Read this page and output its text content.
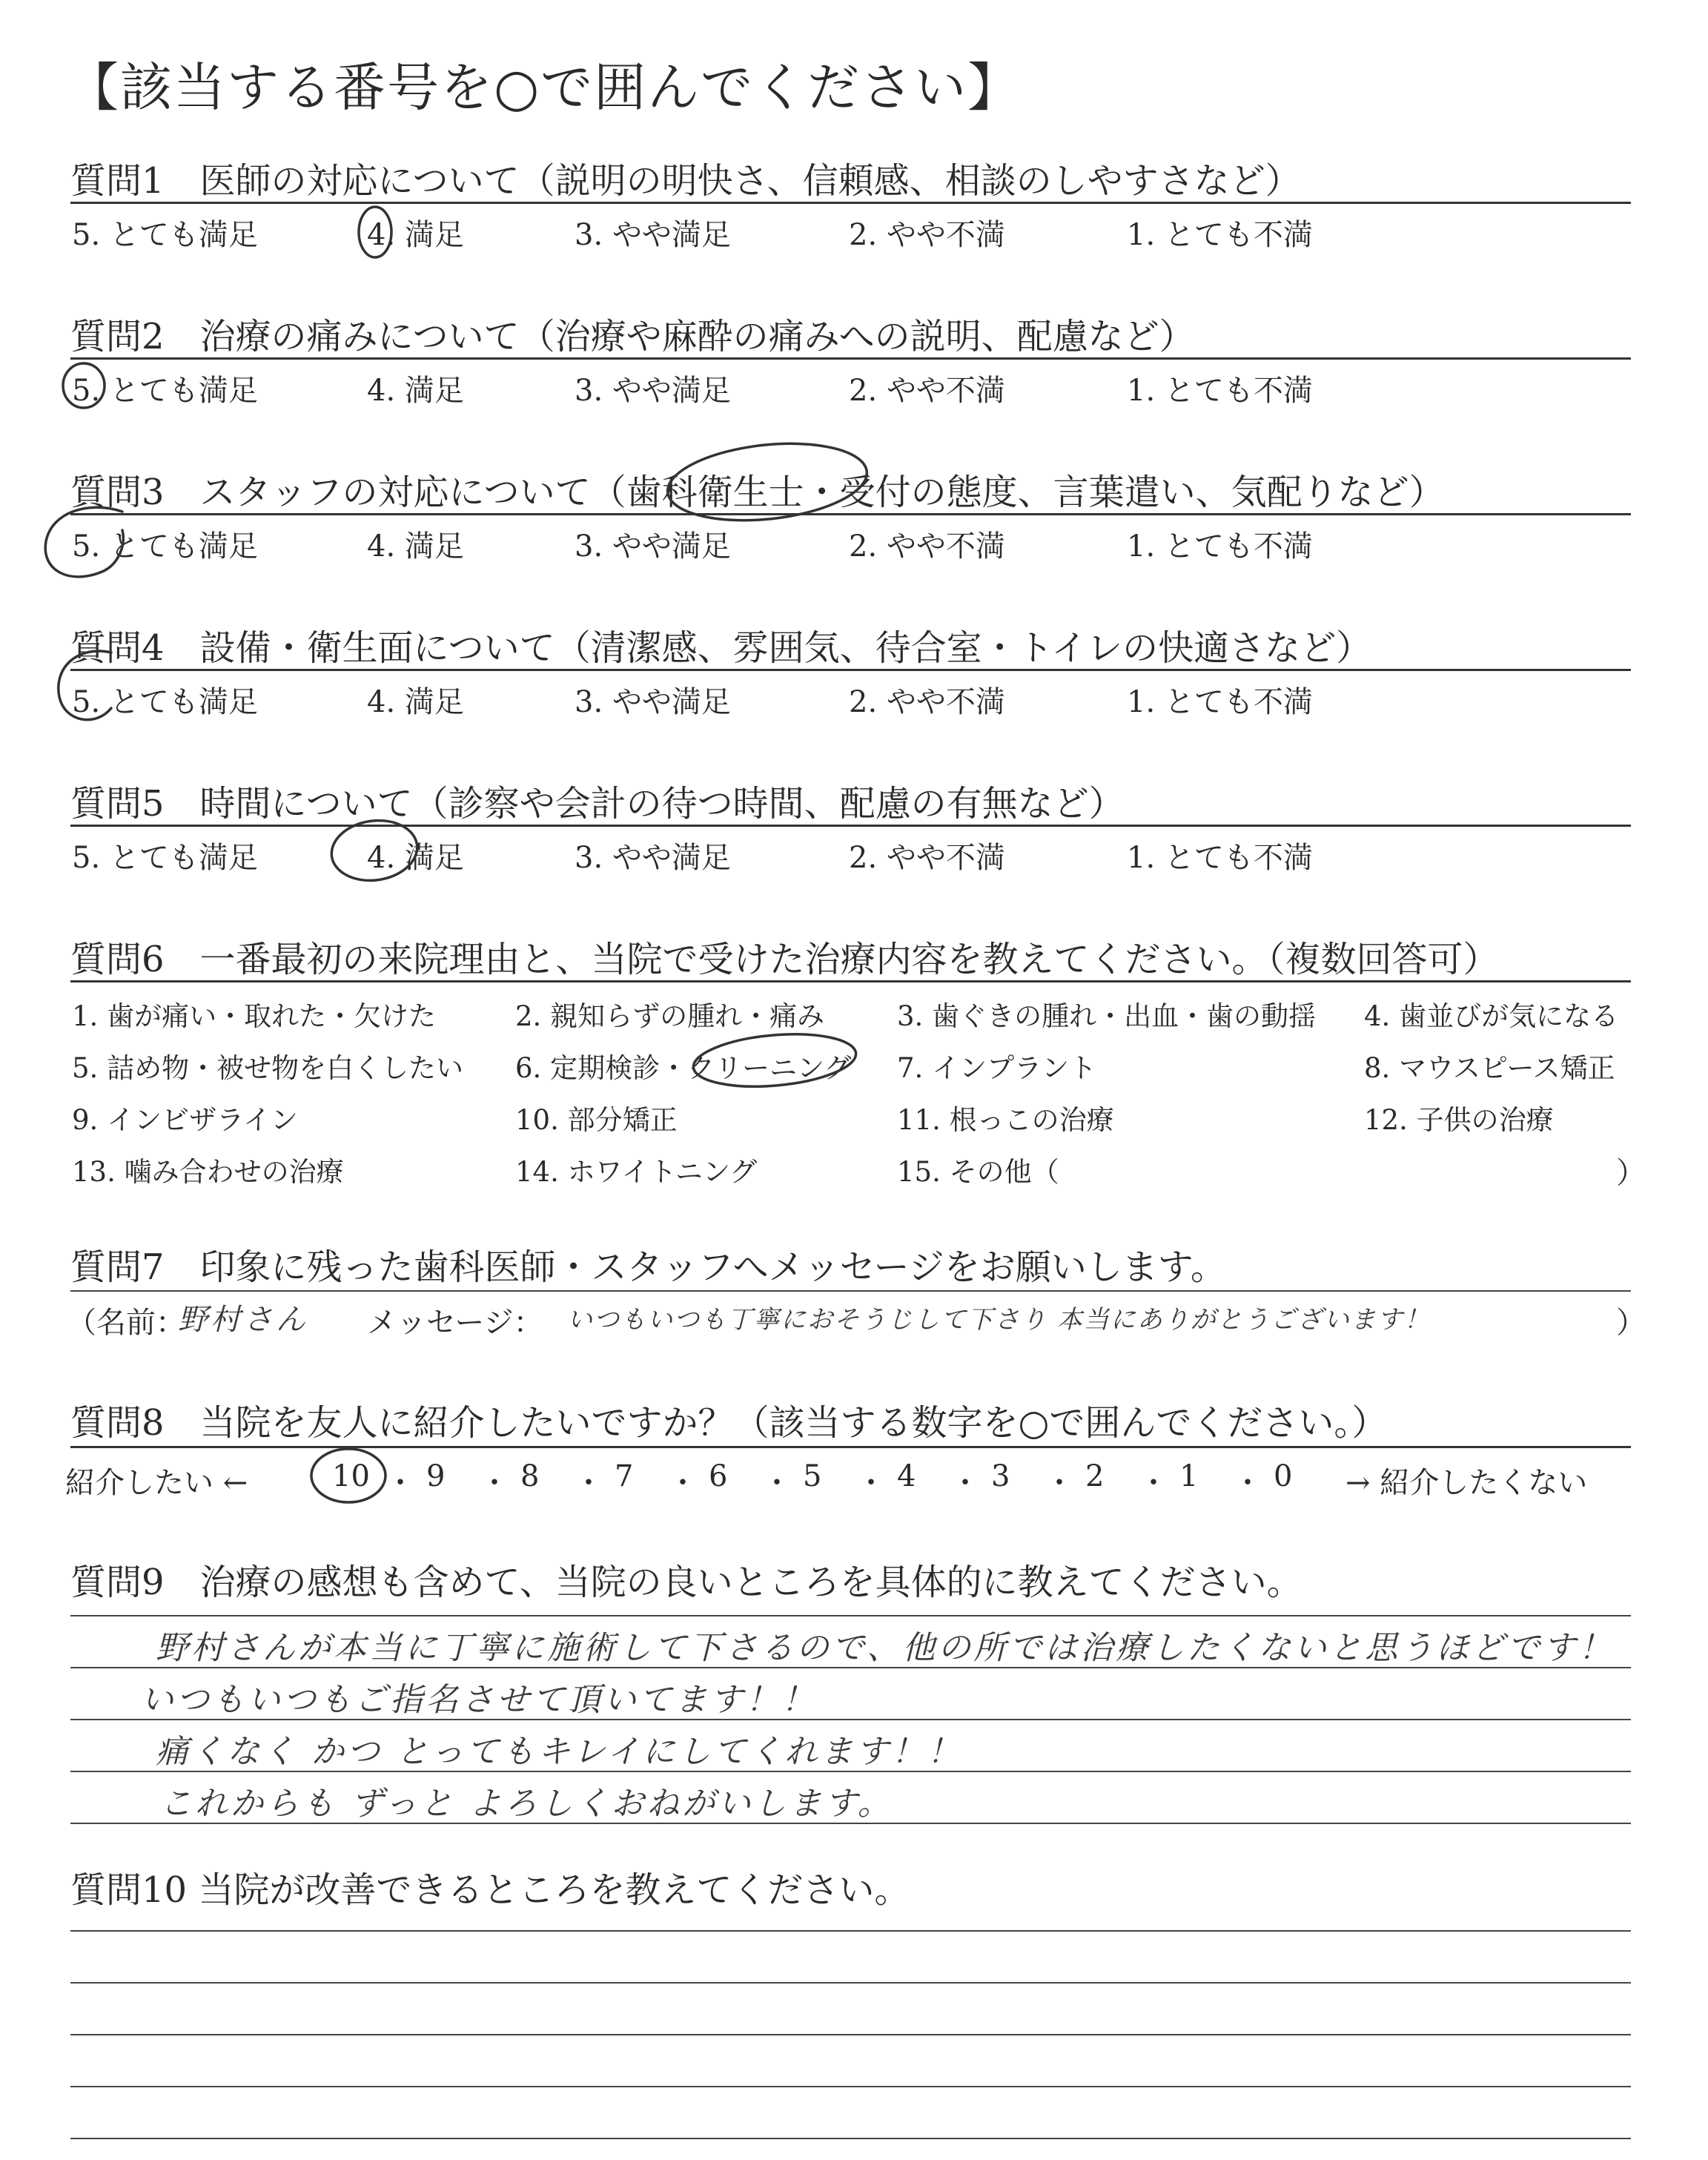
【該当する番号を○で囲んでください】
質問1　医師の対応について（説明の明快さ、信頼感、相談のしやすさなど）
5. とても満足	4. 満足	3. やや満足	2. やや不満	1. とても不満
質問2　治療の痛みについて（治療や麻酔の痛みへの説明、配慮など）
5. とても満足	4. 満足	3. やや満足	2. やや不満	1. とても不満
質問3　スタッフの対応について（歯科衛生士・受付の態度、言葉遣い、気配りなど）
5. とても満足	4. 満足	3. やや満足	2. やや不満	1. とても不満
質問4　設備・衛生面について（清潔感、雰囲気、待合室・トイレの快適さなど）
5. とても満足	4. 満足	3. やや満足	2. やや不満	1. とても不満
質問5　時間について（診察や会計の待つ時間、配慮の有無など）
5. とても満足	4. 満足	3. やや満足	2. やや不満	1. とても不満
質問6　一番最初の来院理由と、当院で受けた治療内容を教えてください。（複数回答可）
1. 歯が痛い・取れた・欠けた	2. 親知らずの腫れ・痛み	3. 歯ぐきの腫れ・出血・歯の動揺 4. 歯並びが気になる
5. 詰め物・被せ物を白くしたい 6. 定期検診・クリーニング 7. インプラント	8. マウスピース矯正
9. インビザライン	10. 部分矯正	11. 根っこの治療	12. 子供の治療
13. 噛み合わせの治療	14. ホワイトニング	15. その他（	）
質問7　印象に残った歯科医師・スタッフへメッセージをお願いします。
（名前：
野村さん メッセージ： いつもいつも丁寧におそうじして下さり 本当にありがとうございます！	）
質問8　当院を友人に紹介したいですか？（該当する数字を○で囲んでください。）
紹介したい ←	10 ・ 9 ・ 8 ・ 7 ・ 6 ・ 5 ・ 4 ・ 3 ・ 2 ・ 1 ・ 0 → 紹介したくない
質問9　治療の感想も含めて、当院の良いところを具体的に教えてください。
野村さんが本当に丁寧に施術して下さるので、他の所では治療したくないと思うほどです！
いつもいつもご指名させて頂いてます！！
痛くなく かつ とってもキレイにしてくれます！！
これからも ずっと よろしくおねがいします。
質問10 当院が改善できるところを教えてください。
